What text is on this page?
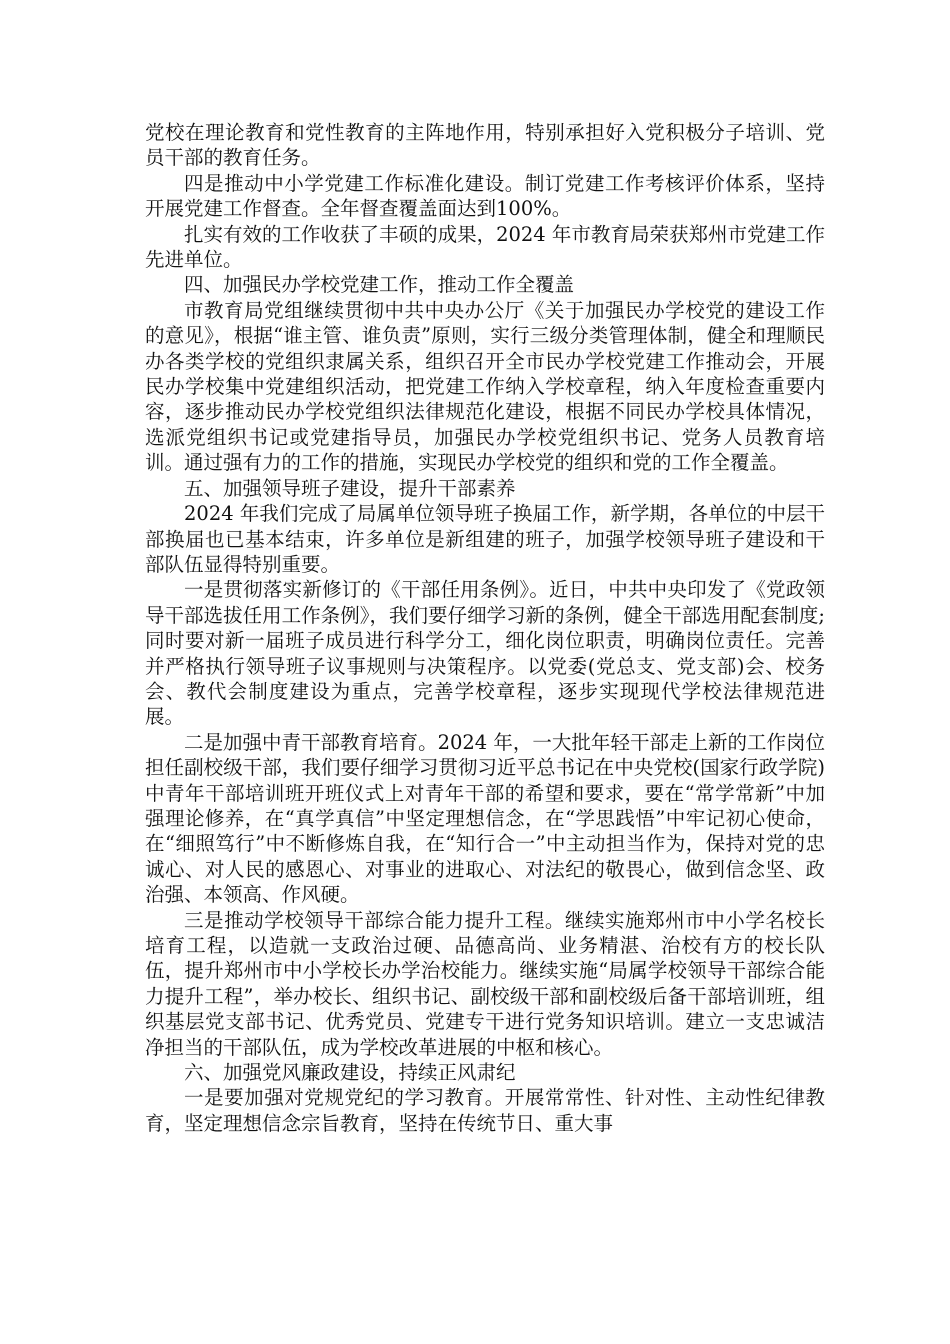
党校在理论教育和党性教育的主阵地作用，特别承担好入党积极分子培训、党员干部的教育任务。

四是推动中小学党建工作标准化建设。制订党建工作考核评价体系，坚持开展党建工作督查。全年督查覆盖面达到100%。

扎实有效的工作收获了丰硕的成果，2024 年市教育局荣获郑州市党建工作先进单位。

四、加强民办学校党建工作，推动工作全覆盖

市教育局党组继续贯彻中共中央办公厅《关于加强民办学校党的建设工作的意见》，根据“谁主管、谁负责”原则，实行三级分类管理体制，健全和理顺民办各类学校的党组织隶属关系，组织召开全市民办学校党建工作推动会，开展民办学校集中党建组织活动，把党建工作纳入学校章程，纳入年度检查重要内容，逐步推动民办学校党组织法律规范化建设，根据不同民办学校具体情况，选派党组织书记或党建指导员，加强民办学校党组织书记、党务人员教育培训。通过强有力的工作的措施，实现民办学校党的组织和党的工作全覆盖。

五、加强领导班子建设，提升干部素养

2024 年我们完成了局属单位领导班子换届工作，新学期，各单位的中层干部换届也已基本结束，许多单位是新组建的班子，加强学校领导班子建设和干部队伍显得特别重要。

一是贯彻落实新修订的《干部任用条例》。近日，中共中央印发了《党政领导干部选拔任用工作条例》，我们要仔细学习新的条例，健全干部选用配套制度;同时要对新一届班子成员进行科学分工，细化岗位职责，明确岗位责任。完善并严格执行领导班子议事规则与决策程序。以党委(党总支、党支部)会、校务会、教代会制度建设为重点，完善学校章程，逐步实现现代学校法律规范进展。

二是加强中青干部教育培育。2024 年，一大批年轻干部走上新的工作岗位担任副校级干部，我们要仔细学习贯彻习近平总书记在中央党校(国家行政学院)中青年干部培训班开班仪式上对青年干部的希望和要求，要在“常学常新”中加强理论修养，在“真学真信”中坚定理想信念，在“学思践悟”中牢记初心使命，在“细照笃行”中不断修炼自我，在“知行合一”中主动担当作为，保持对党的忠诚心、对人民的感恩心、对事业的进取心、对法纪的敬畏心，做到信念坚、政治强、本领高、作风硬。

三是推动学校领导干部综合能力提升工程。继续实施郑州市中小学名校长培育工程，以造就一支政治过硬、品德高尚、业务精湛、治校有方的校长队伍，提升郑州市中小学校长办学治校能力。继续实施“局属学校领导干部综合能力提升工程”，举办校长、组织书记、副校级干部和副校级后备干部培训班，组织基层党支部书记、优秀党员、党建专干进行党务知识培训。建立一支忠诚洁净担当的干部队伍，成为学校改革进展的中枢和核心。

六、加强党风廉政建设，持续正风肃纪

一是要加强对党规党纪的学习教育。开展常常性、针对性、主动性纪律教育，坚定理想信念宗旨教育，坚持在传统节日、重大事
